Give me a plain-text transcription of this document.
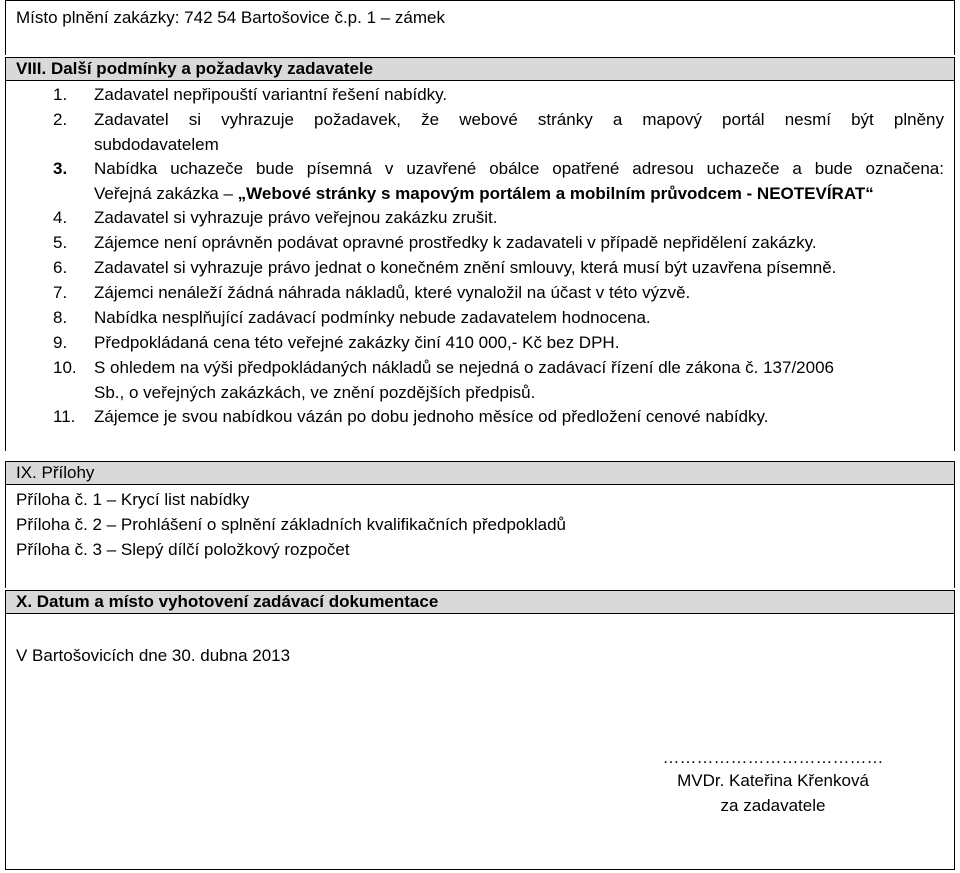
Místo plnění zakázky: 742 54 Bartošovice č.p. 1 – zámek
VIII. Další podmínky a požadavky zadavatele
1. Zadavatel nepřipouští variantní řešení nabídky.
2. Zadavatel si vyhrazuje požadavek, že webové stránky a mapový portál nesmí být plněny
subdodavatelem
3. Nabídka uchazeče bude písemná v uzavřené obálce opatřené adresou uchazeče a bude označena:
Veřejná zakázka – „Webové stránky s mapovým portálem a mobilním průvodcem - NEOTEVÍRAT“
4. Zadavatel si vyhrazuje právo veřejnou zakázku zrušit.
5. Zájemce není oprávněn podávat opravné prostředky k zadavateli v případě nepřidělení zakázky.
6. Zadavatel si vyhrazuje právo jednat o konečném znění smlouvy, která musí být uzavřena písemně.
7. Zájemci nenáleží žádná náhrada nákladů, které vynaložil na účast v této výzvě.
8. Nabídka nesplňující zadávací podmínky nebude zadavatelem hodnocena.
9. Předpokládaná cena této veřejné zakázky činí 410 000,- Kč bez DPH.
10. S ohledem na výši předpokládaných nákladů se nejedná o zadávací řízení dle zákona č. 137/2006
Sb., o veřejných zakázkách, ve znění pozdějších předpisů.
11. Zájemce je svou nabídkou vázán po dobu jednoho měsíce od předložení cenové nabídky.
IX. Přílohy
Příloha č. 1 – Krycí list nabídky
Příloha č. 2 – Prohlášení o splnění základních kvalifikačních předpokladů
Příloha č. 3 – Slepý dílčí položkový rozpočet
X. Datum a místo vyhotovení zadávací dokumentace
V Bartošovicích dne 30. dubna 2013
…………………………………
MVDr. Kateřina Křenková
za zadavatele
